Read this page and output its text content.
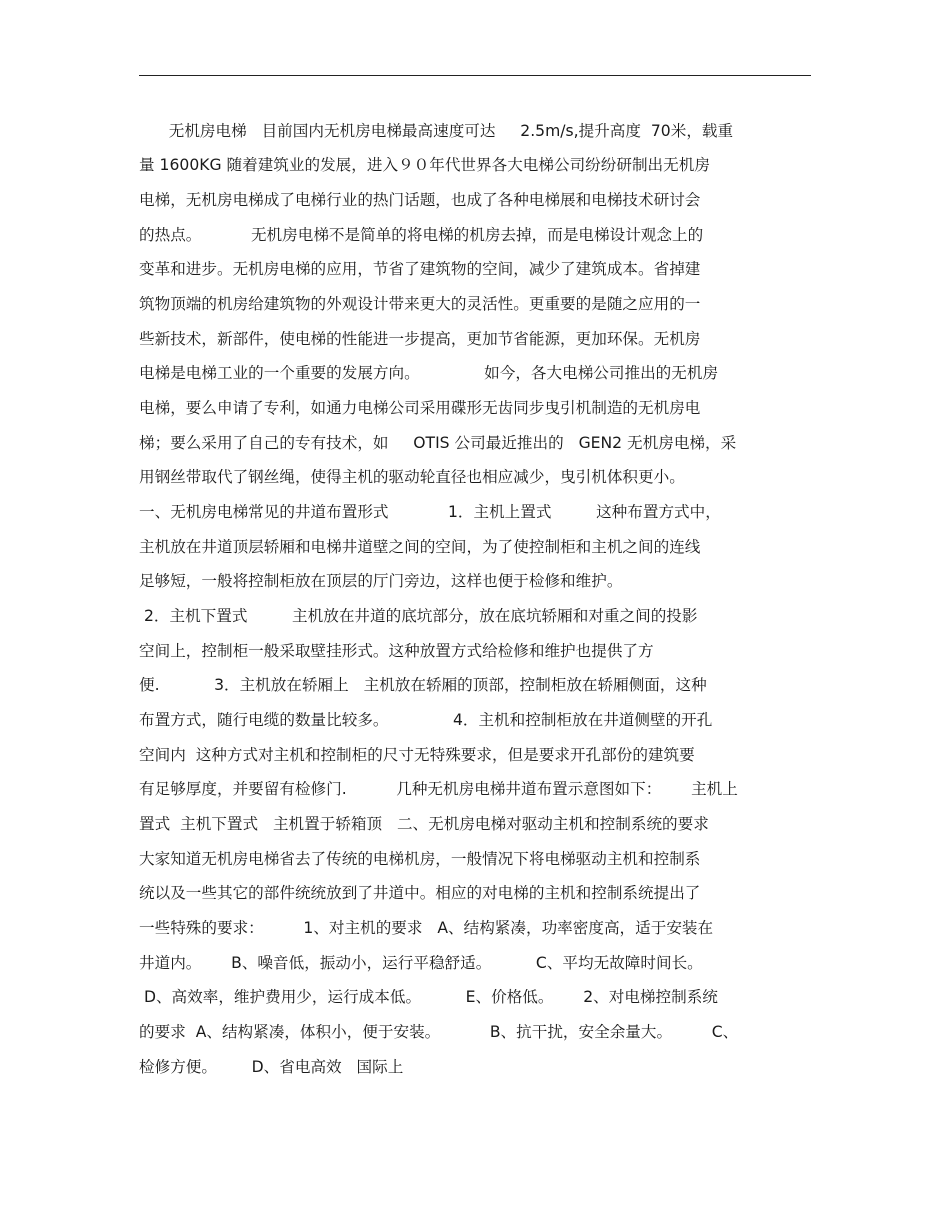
无机房电梯   目前国内无机房电梯最高速度可达     2.5m/s,提升高度  70米，载重
量 1600KG 随着建筑业的发展，进入９０年代世界各大电梯公司纷纷研制出无机房
电梯，无机房电梯成了电梯行业的热门话题，也成了各种电梯展和电梯技术研讨会
的热点。          无机房电梯不是简单的将电梯的机房去掉，而是电梯设计观念上的
变革和进步。无机房电梯的应用，节省了建筑物的空间，减少了建筑成本。省掉建
筑物顶端的机房给建筑物的外观设计带来更大的灵活性。更重要的是随之应用的一
些新技术，新部件，使电梯的性能进一步提高，更加节省能源，更加环保。无机房
电梯是电梯工业的一个重要的发展方向。             如今，各大电梯公司推出的无机房
电梯，要么申请了专利，如通力电梯公司采用碟形无齿同步曳引机制造的无机房电
梯；要么采用了自己的专有技术，如     OTIS 公司最近推出的   GEN2 无机房电梯，采
用钢丝带取代了钢丝绳，使得主机的驱动轮直径也相应减少，曳引机体积更小。
一、无机房电梯常见的井道布置形式            1．主机上置式         这种布置方式中，
主机放在井道顶层轿厢和电梯井道壁之间的空间，为了使控制柜和主机之间的连线
足够短，一般将控制柜放在顶层的厅门旁边，这样也便于检修和维护。
2．主机下置式         主机放在井道的底坑部分，放在底坑轿厢和对重之间的投影
空间上，控制柜一般采取壁挂形式。这种放置方式给检修和维护也提供了方
便.           3．主机放在轿厢上   主机放在轿厢的顶部，控制柜放在轿厢侧面，这种
布置方式，随行电缆的数量比较多。             4．主机和控制柜放在井道侧壁的开孔
空间内  这种方式对主机和控制柜的尺寸无特殊要求，但是要求开孔部份的建筑要
有足够厚度，并要留有检修门.          几种无机房电梯井道布置示意图如下：      主机上
置式  主机下置式   主机置于轿箱顶   二、无机房电梯对驱动主机和控制系统的要求
大家知道无机房电梯省去了传统的电梯机房，一般情况下将电梯驱动主机和控制系
统以及一些其它的部件统统放到了井道中。相应的对电梯的主机和控制系统提出了
一些特殊的要求：        1、对主机的要求   A、结构紧凑，功率密度高，适于安装在
井道内。      B、噪音低，振动小，运行平稳舒适。         C、平均无故障时间长。
D、高效率，维护费用少，运行成本低。         E、价格低。      2、对电梯控制系统
的要求  A、结构紧凑，体积小，便于安装。          B、抗干扰，安全余量大。        C、
检修方便。       D、省电高效   国际上
